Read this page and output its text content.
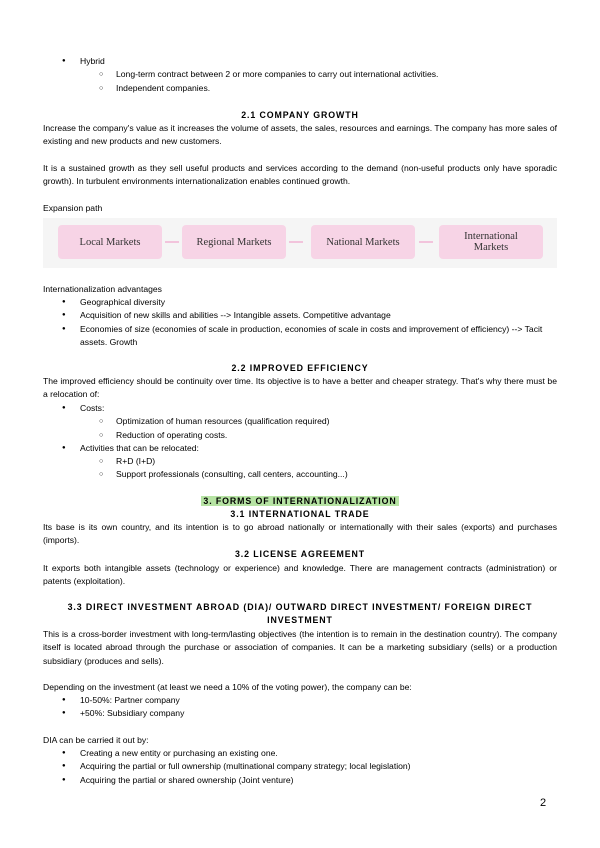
● Hybrid
○ Long-term contract between 2 or more companies to carry out international activities.
○ Independent companies.
2.1 COMPANY GROWTH
Increase the company's value as it increases the volume of assets, the sales, resources and earnings. The company has more sales of existing and new products and new customers.
It is a sustained growth as they sell useful products and services according to the demand (non-useful products only have sporadic growth). In turbulent environments internationalization enables continued growth.
Expansion path
Local Markets	Regional Markets	National Markets	International Markets
Internationalization advantages
● Geographical diversity
● Acquisition of new skills and abilities --> Intangible assets. Competitive advantage
● Economies of size (economies of scale in production, economies of scale in costs and improvement of efficiency) --> Tacit assets. Growth
2.2 IMPROVED EFFICIENCY
The improved efficiency should be continuity over time. Its objective is to have a better and cheaper strategy. That's why there must be a relocation of:
● Costs:
○ Optimization of human resources (qualification required)
○ Reduction of operating costs.
● Activities that can be relocated:
○ R+D (I+D)
○ Support professionals (consulting, call centers, accounting...)
3. FORMS OF INTERNATIONALIZATION
3.1 INTERNATIONAL TRADE
Its base is its own country, and its intention is to go abroad nationally or internationally with their sales (exports) and purchases (imports).
3.2 LICENSE AGREEMENT
It exports both intangible assets (technology or experience) and knowledge. There are management contracts (administration) or patents (exploitation).
3.3 DIRECT INVESTMENT ABROAD (DIA)/ OUTWARD DIRECT INVESTMENT/ FOREIGN DIRECT INVESTMENT
This is a cross-border investment with long-term/lasting objectives (the intention is to remain in the destination country). The company itself is located abroad through the purchase or association of companies. It can be a marketing subsidiary (sells) or a production subsidiary (produces and sells).
Depending on the investment (at least we need a 10% of the voting power), the company can be:
● 10-50%: Partner company
● +50%: Subsidiary company
DIA can be carried it out by:
● Creating a new entity or purchasing an existing one.
● Acquiring the partial or full ownership (multinational company strategy; local legislation)
● Acquiring the partial or shared ownership (Joint venture)
2
